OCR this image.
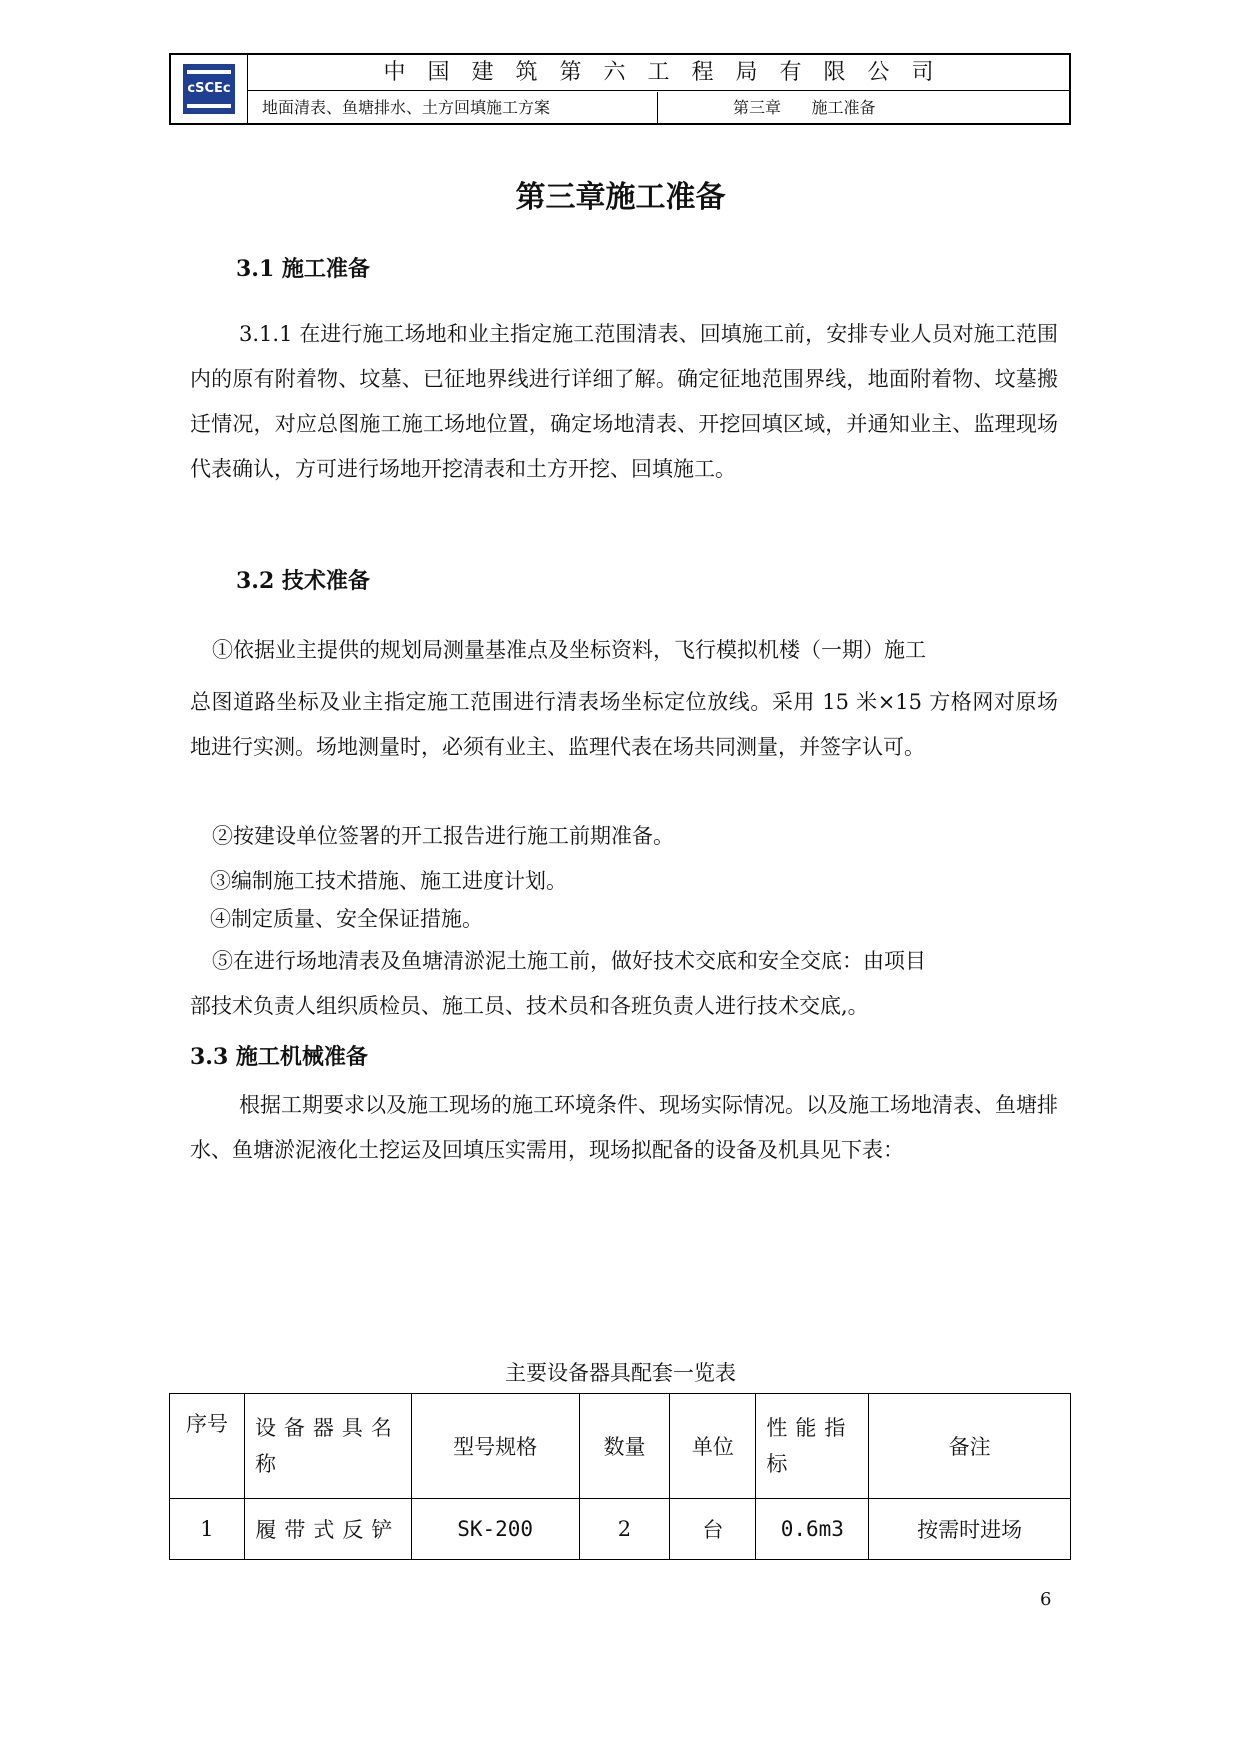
cSCEc
中国建筑第六工程局有限公司
地面清表、鱼塘排水、土方回填施工方案	第三章      施工准备
第三章施工准备
3.1 施工准备
3.1.1 在进行施工场地和业主指定施工范围清表、回填施工前，安排专业人员对施工范围内的原有附着物、坟墓、已征地界线进行详细了解。确定征地范围界线，地面附着物、坟墓搬迁情况，对应总图施工施工场地位置，确定场地清表、开挖回填区域，并通知业主、监理现场代表确认，方可进行场地开挖清表和土方开挖、回填施工。
3.2 技术准备
①依据业主提供的规划局测量基准点及坐标资料，飞行模拟机楼（一期）施工
总图道路坐标及业主指定施工范围进行清表场坐标定位放线。采用 15 米×15 方格网对原场地进行实测。场地测量时，必须有业主、监理代表在场共同测量，并签字认可。
②按建设单位签署的开工报告进行施工前期准备。
③编制施工技术措施、施工进度计划。
④制定质量、安全保证措施。
⑤在进行场地清表及鱼塘清淤泥土施工前，做好技术交底和安全交底：由项目
部技术负责人组织质检员、施工员、技术员和各班负责人进行技术交底,。
3.3 施工机械准备
根据工期要求以及施工现场的施工环境条件、现场实际情况。以及施工场地清表、鱼塘排水、鱼塘淤泥液化土挖运及回填压实需用，现场拟配备的设备及机具见下表：
主要设备器具配套一览表
序号	设备器具名称	型号规格	数量	单位	性能指标	备注
1	履带式反铲	SK-200	2	台	0.6m3	按需时进场
6
